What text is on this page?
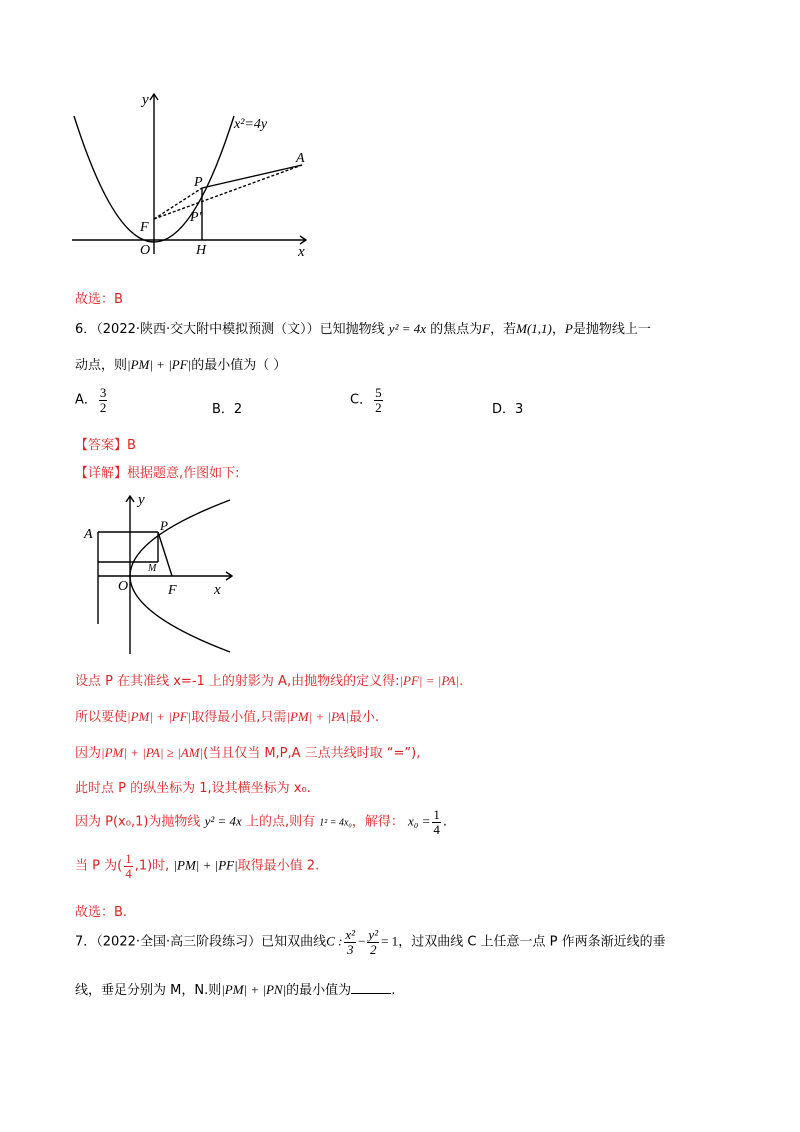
y
x
x²=4y
A
P
F
P'
O	H
故选：B
6．（2022·陕西·交大附中模拟预测（文））已知抛物线 y² = 4x 的焦点为F，若M(1,1)，P是抛物线上一
动点，则|PM| + |PF|的最小值为（ ）
A． $\frac{3}{2}$	B．2
C． $\frac{5}{2}$	D．3
【答案】B
【详解】根据题意,作图如下:
y
x
A
P
M
O	F
设点 P 在其准线 x=-1 上的射影为 A,由抛物线的定义得:|PF| = |PA|.
所以要使|PM| + |PF|取得最小值,只需|PM| + |PA|最小.
因为|PM| + |PA| ≥ |AM|(当且仅当 M,P,A 三点共线时取 “=”),
此时点 P 的纵坐标为 1,设其横坐标为 x₀.
因为 P(x₀,1)为抛物线 y² = 4x 上的点,则有 1² = 4x₀，解得： $x_0 = \frac{1}{4}$ .
当 P 为( $\frac{1}{4} ,1$)时, |PM| + |PF|取得最小值 2.
故选：B.
7．（2022·全国·高三阶段练习）已知双曲线C : $\frac{\text{x²}}{3} - \frac{\text{y²}}{2} = 1$，过双曲线 C 上任意一点 P 作两条渐近线的垂
线，垂足分别为 M，N.则|PM| + |PN|的最小值为	.
